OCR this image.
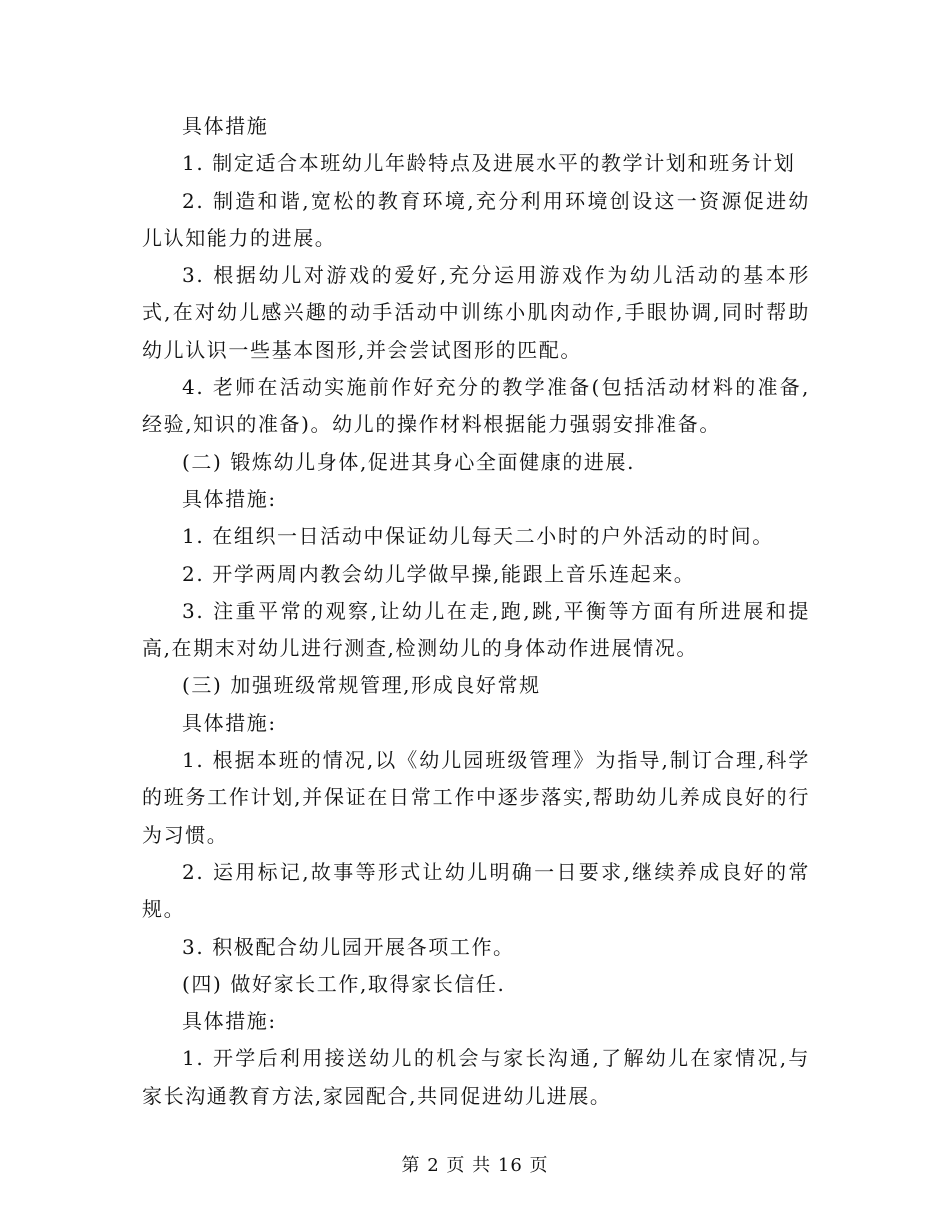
具体措施

1. 制定适合本班幼儿年龄特点及进展水平的教学计划和班务计划

2. 制造和谐,宽松的教育环境,充分利用环境创设这一资源促进幼儿认知能力的进展。

3. 根据幼儿对游戏的爱好,充分运用游戏作为幼儿活动的基本形式,在对幼儿感兴趣的动手活动中训练小肌肉动作,手眼协调,同时帮助幼儿认识一些基本图形,并会尝试图形的匹配。

4. 老师在活动实施前作好充分的教学准备(包括活动材料的准备,经验,知识的准备)。幼儿的操作材料根据能力强弱安排准备。

(二) 锻炼幼儿身体,促进其身心全面健康的进展.

具体措施:

1. 在组织一日活动中保证幼儿每天二小时的户外活动的时间。

2. 开学两周内教会幼儿学做早操,能跟上音乐连起来。

3. 注重平常的观察,让幼儿在走,跑,跳,平衡等方面有所进展和提高,在期末对幼儿进行测查,检测幼儿的身体动作进展情况。

(三) 加强班级常规管理,形成良好常规

具体措施:

1. 根据本班的情况,以《幼儿园班级管理》为指导,制订合理,科学的班务工作计划,并保证在日常工作中逐步落实,帮助幼儿养成良好的行为习惯。

2. 运用标记,故事等形式让幼儿明确一日要求,继续养成良好的常规。

3. 积极配合幼儿园开展各项工作。

(四) 做好家长工作,取得家长信任.

具体措施:

1. 开学后利用接送幼儿的机会与家长沟通,了解幼儿在家情况,与家长沟通教育方法,家园配合,共同促进幼儿进展。

第 2 页 共 16 页
